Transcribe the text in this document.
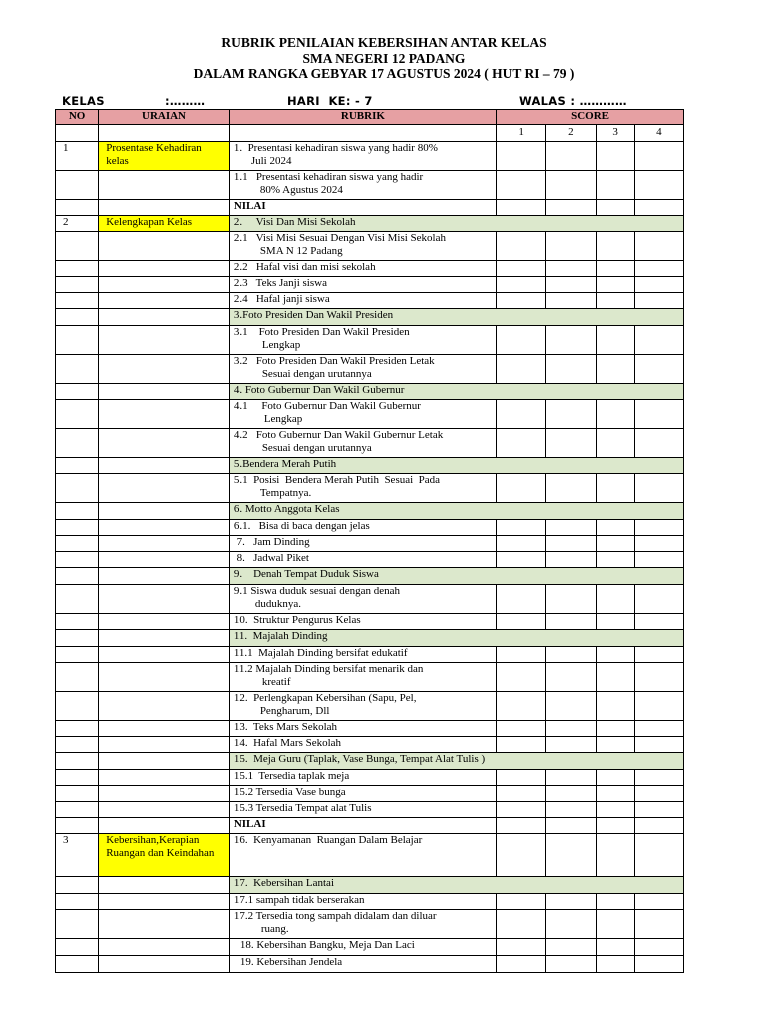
RUBRIK PENILAIAN KEBERSIHAN ANTAR KELAS
SMA NEGERI 12 PADANG
DALAM RANGKA GEBYAR 17 AGUSTUS 2024 ( HUT RI – 79 )
KELAS              :………	HARI  KE: - 7	WALAS : …………
NO	URAIAN	RUBRIK	SCORE			
			1	2	3	4
1	Prosentase Kehadiran kelas	1.  Presentasi kehadiran siswa yang hadir 80%
Juli 2024				

		1.1   Presentasi kehadiran siswa yang hadir
80% Agustus 2024				

		NILAI				

2	Kelengkapan Kelas	2.     Visi Dan Misi Sekolah				

		2.1   Visi Misi Sesuai Dengan Visi Misi Sekolah
SMA N 12 Padang				

		2.2   Hafal visi dan misi sekolah				

		2.3   Teks Janji siswa				

		2.4   Hafal janji siswa				

		3.Foto Presiden Dan Wakil Presiden				

		3.1    Foto Presiden Dan Wakil Presiden
Lengkap				

		3.2   Foto Presiden Dan Wakil Presiden Letak
Sesuai dengan urutannya				

		4. Foto Gubernur Dan Wakil Gubernur				

		4.1     Foto Gubernur Dan Wakil Gubernur
Lengkap				

		4.2   Foto Gubernur Dan Wakil Gubernur Letak
Sesuai dengan urutannya				

		5.Bendera Merah Putih				

		5.1  Posisi  Bendera Merah Putih  Sesuai  Pada
Tempatnya.				

		6. Motto Anggota Kelas				

		6.1.   Bisa di baca dengan jelas				

		7.   Jam Dinding				

		8.   Jadwal Piket				

		9.    Denah Tempat Duduk Siswa				

		9.1 Siswa duduk sesuai dengan denah
duduknya.				

		10.  Struktur Pengurus Kelas				

		11.  Majalah Dinding				

		11.1  Majalah Dinding bersifat edukatif				

		11.2 Majalah Dinding bersifat menarik dan
kreatif				

		12.  Perlengkapan Kebersihan (Sapu, Pel,
Pengharum, Dll				

		13.  Teks Mars Sekolah				

		14.  Hafal Mars Sekolah				

		15.  Meja Guru (Taplak, Vase Bunga, Tempat Alat Tulis )				

		15.1  Tersedia taplak meja				

		15.2 Tersedia Vase bunga				

		15.3 Tersedia Tempat alat Tulis				

		NILAI				

3	Kebersihan,Kerapian Ruangan dan Keindahan	16.  Kenyamanan  Ruangan Dalam Belajar				

		17.  Kebersihan Lantai				

		17.1 sampah tidak berserakan				

		17.2 Tersedia tong sampah didalam dan diluar
ruang.				

		18. Kebersihan Bangku, Meja Dan Laci				

		19. Kebersihan Jendela				
